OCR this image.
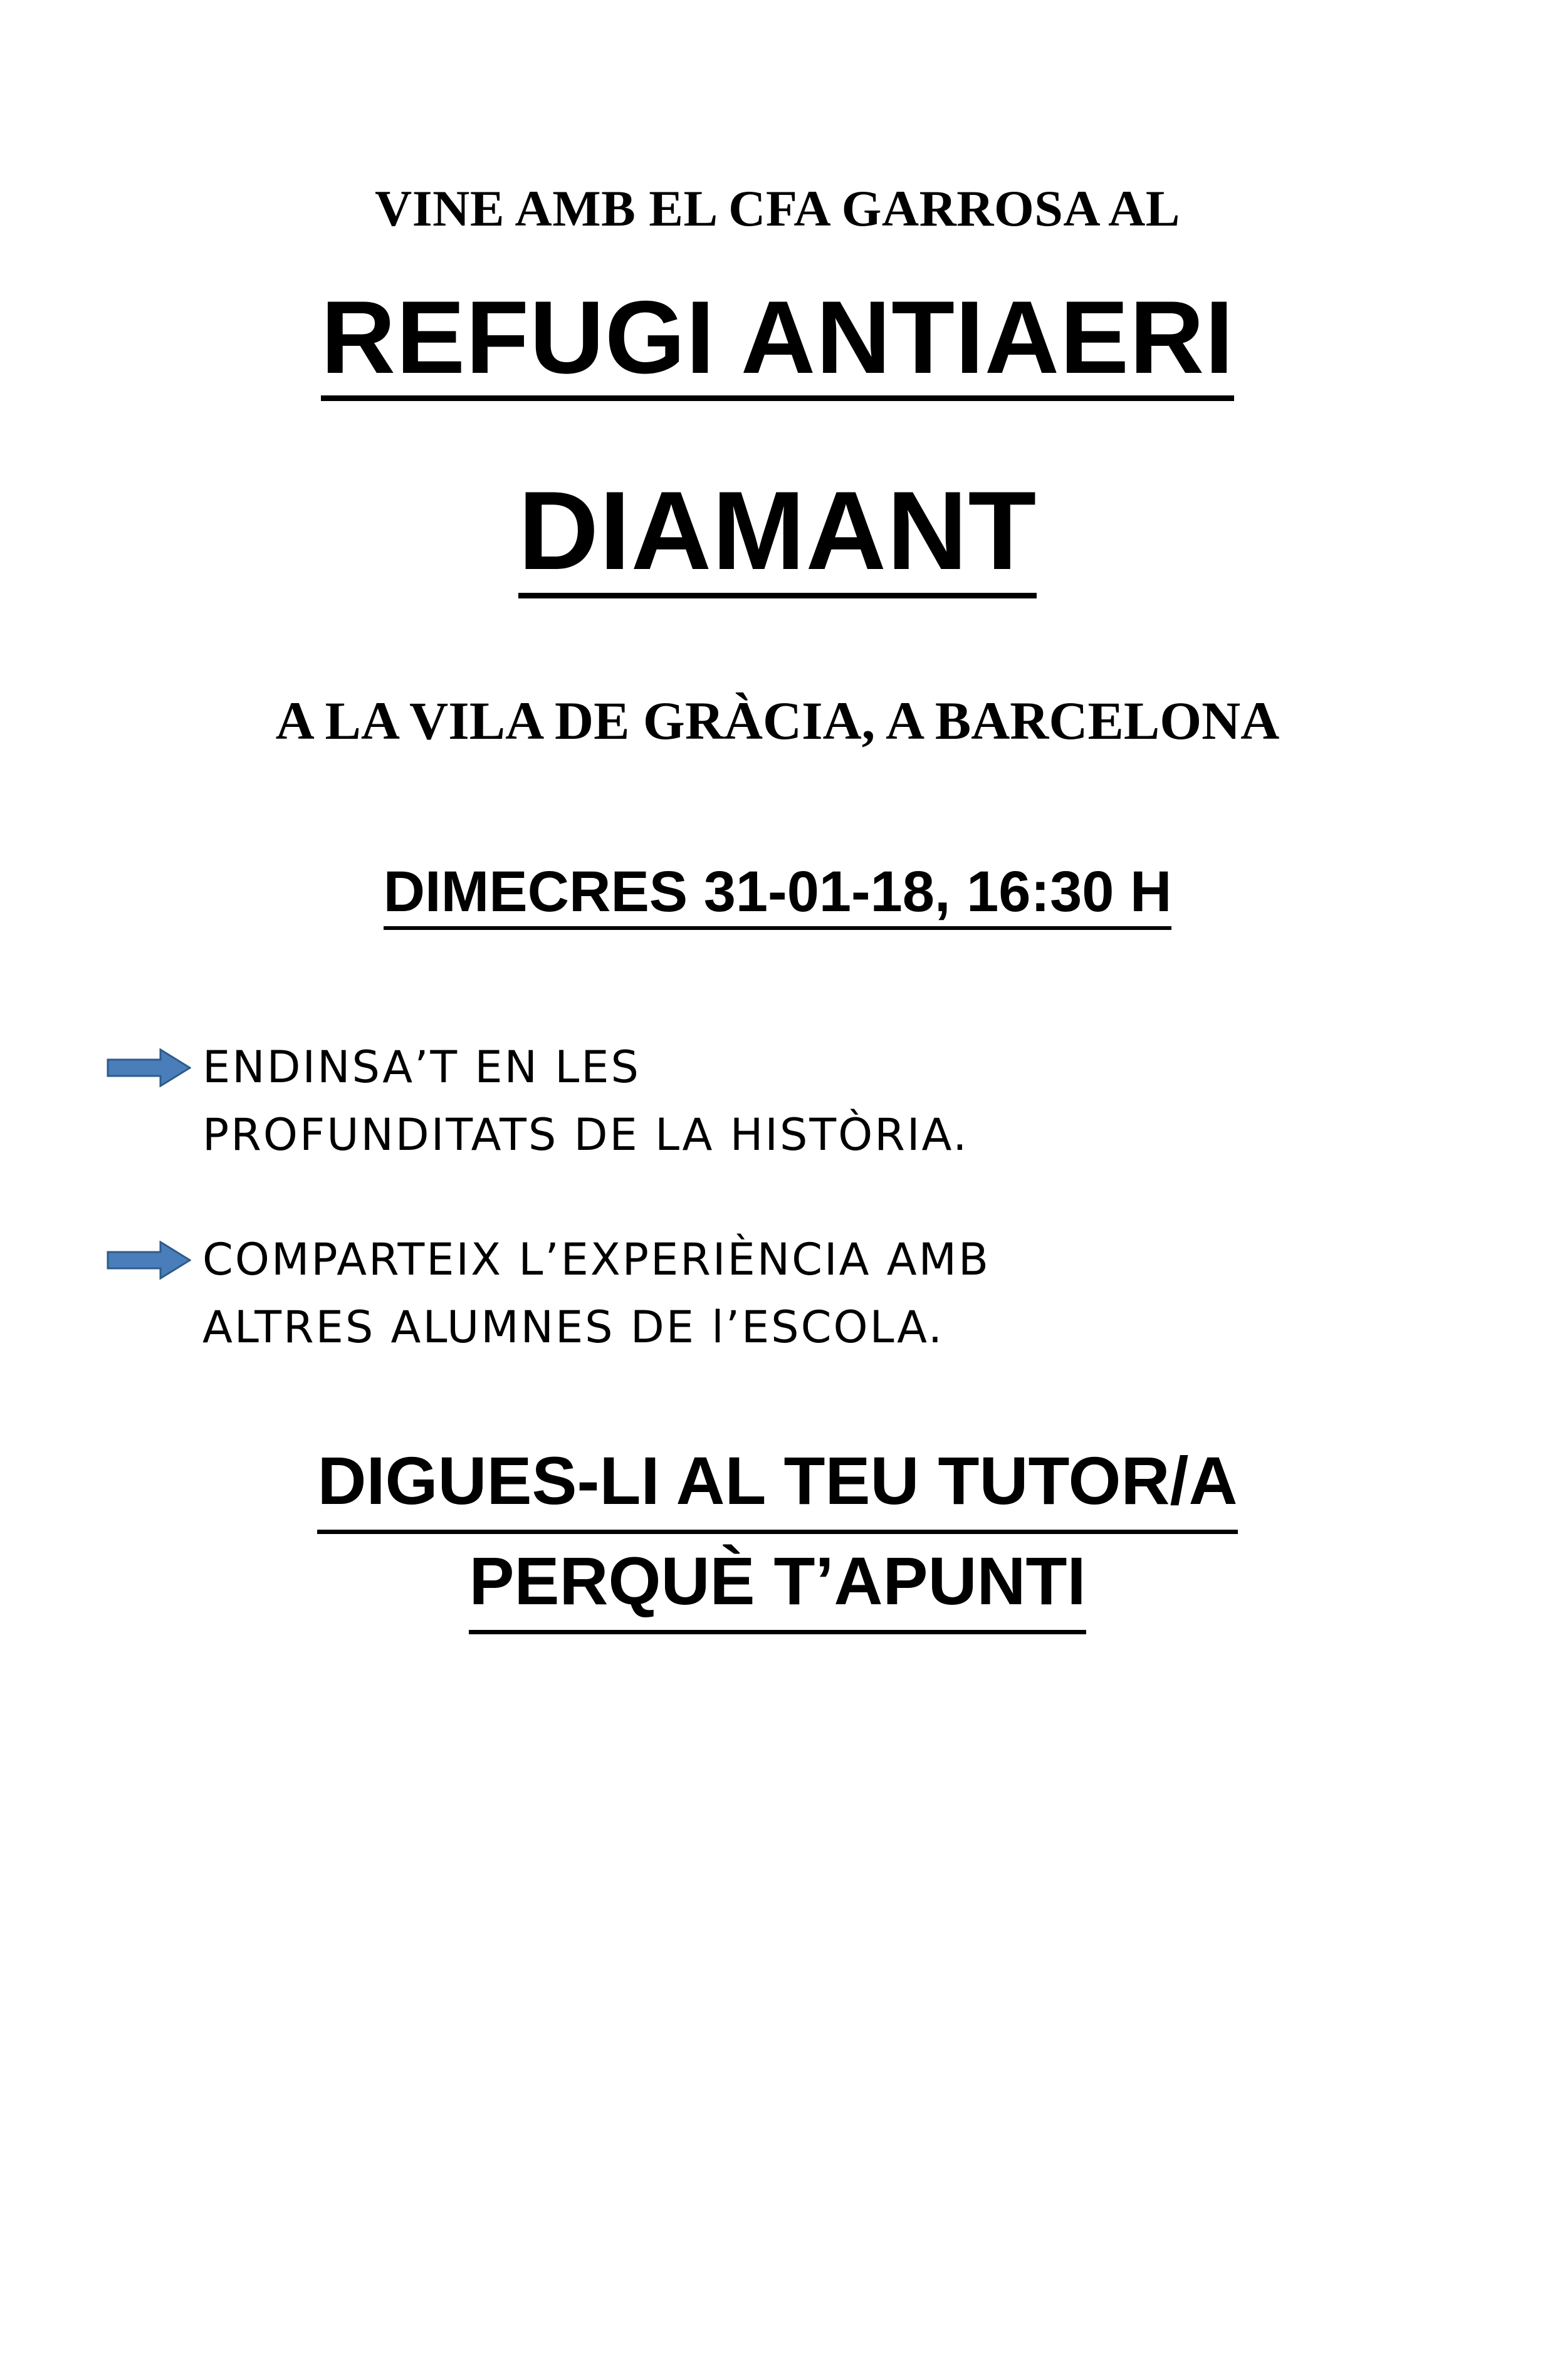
VINE AMB EL CFA GARROSA AL
REFUGI ANTIAERI
DIAMANT
A LA VILA DE GRÀCIA, A BARCELONA
DIMECRES 31-01-18, 16:30 H
ENDINSA’T EN LES
PROFUNDITATS DE LA HISTÒRIA.
COMPARTEIX L’EXPERIÈNCIA AMB
ALTRES ALUMNES DE l’ESCOLA.
DIGUES-LI AL TEU TUTOR/A
PERQUÈ T’APUNTI
